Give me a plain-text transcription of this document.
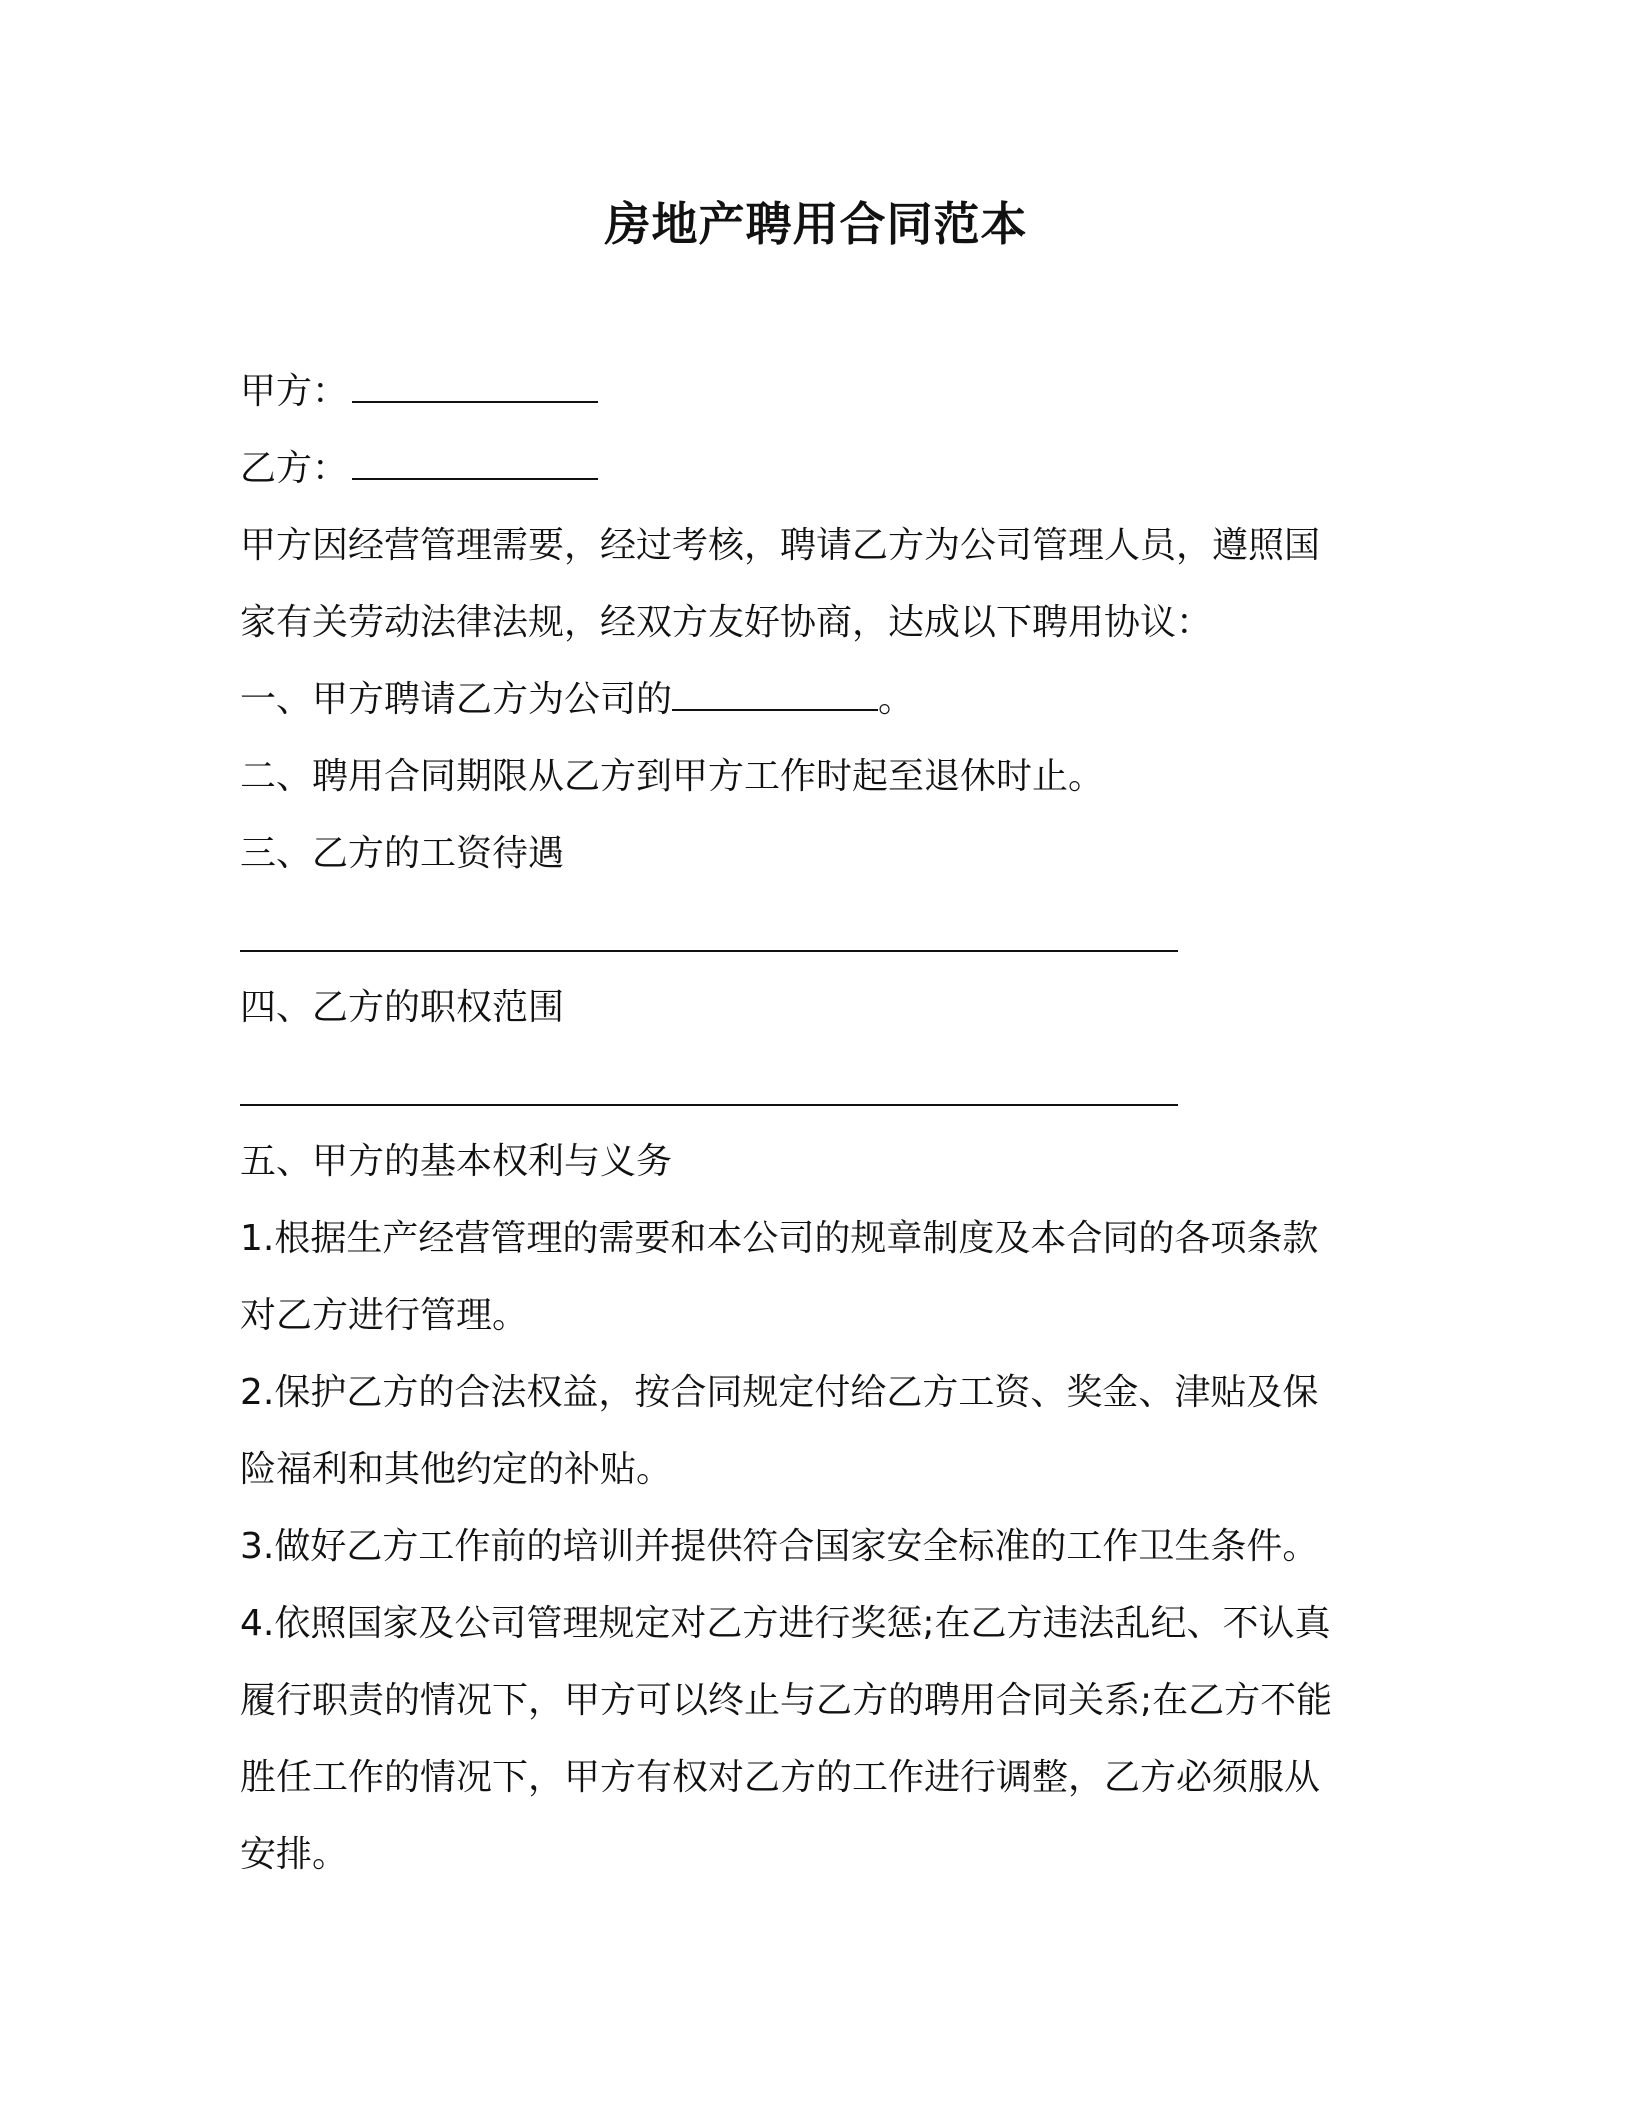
房地产聘用合同范本

甲方：

乙方：

甲方因经营管理需要，经过考核，聘请乙方为公司管理人员，遵照国

家有关劳动法律法规，经双方友好协商，达成以下聘用协议：

一、甲方聘请乙方为公司的	。

二、聘用合同期限从乙方到甲方工作时起至退休时止。

三、乙方的工资待遇

四、乙方的职权范围

五、甲方的基本权利与义务

1.根据生产经营管理的需要和本公司的规章制度及本合同的各项条款

对乙方进行管理。

2.保护乙方的合法权益，按合同规定付给乙方工资、奖金、津贴及保

险福利和其他约定的补贴。

3.做好乙方工作前的培训并提供符合国家安全标准的工作卫生条件。

4.依照国家及公司管理规定对乙方进行奖惩;在乙方违法乱纪、不认真

履行职责的情况下，甲方可以终止与乙方的聘用合同关系;在乙方不能

胜任工作的情况下，甲方有权对乙方的工作进行调整，乙方必须服从

安排。
